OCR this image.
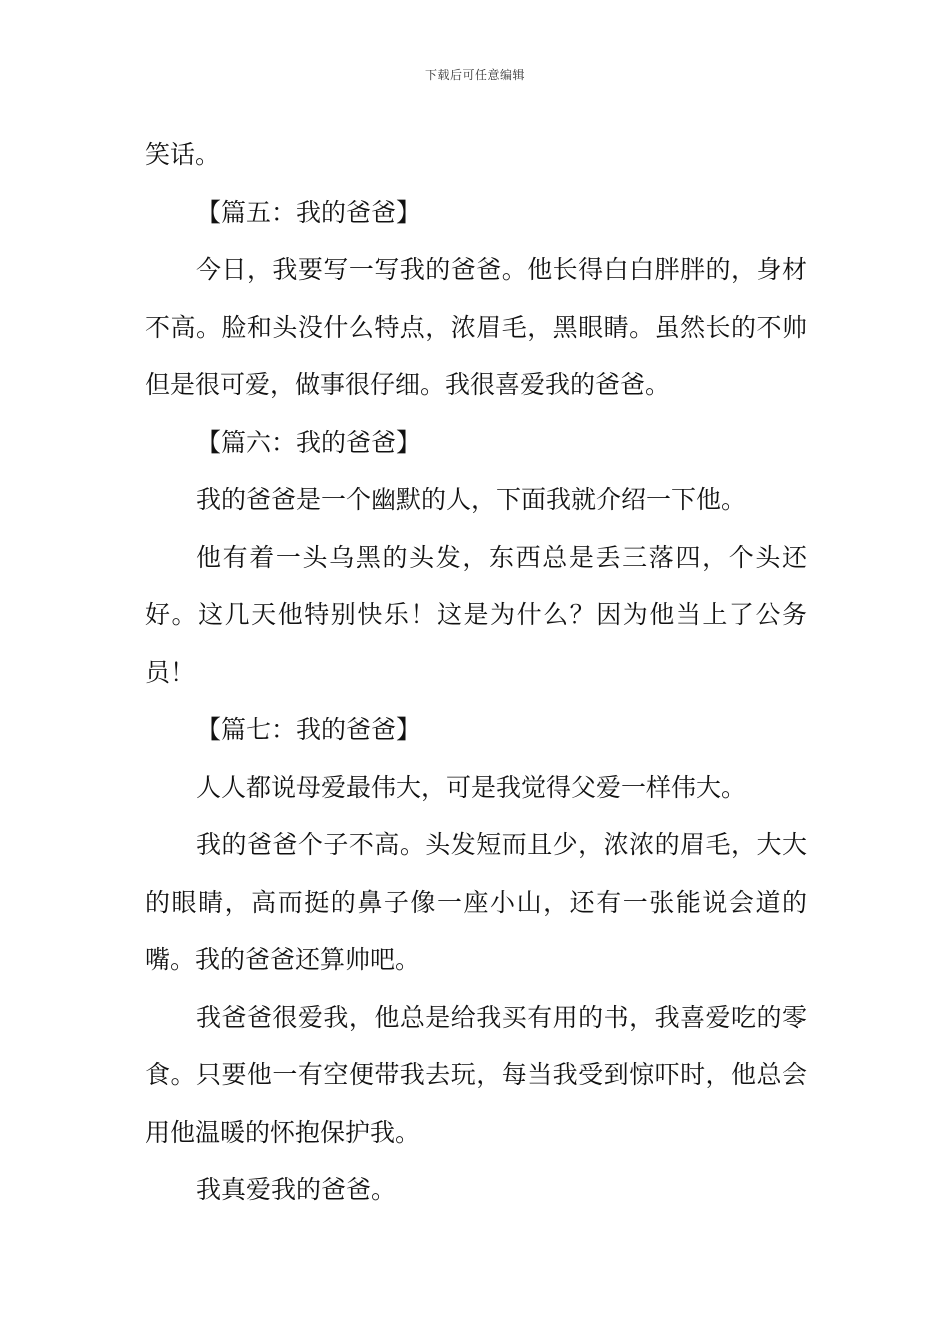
下载后可任意编辑

笑话。

【篇五：我的爸爸】

今日，我要写一写我的爸爸。他长得白白胖胖的，身材不高。脸和头没什么特点，浓眉毛，黑眼睛。虽然长的不帅但是很可爱，做事很仔细。我很喜爱我的爸爸。

【篇六：我的爸爸】

我的爸爸是一个幽默的人，下面我就介绍一下他。

他有着一头乌黑的头发，东西总是丢三落四，个头还好。这几天他特别快乐！这是为什么？因为他当上了公务员！

【篇七：我的爸爸】

人人都说母爱最伟大，可是我觉得父爱一样伟大。

我的爸爸个子不高。头发短而且少，浓浓的眉毛，大大的眼睛，高而挺的鼻子像一座小山，还有一张能说会道的嘴。我的爸爸还算帅吧。

我爸爸很爱我，他总是给我买有用的书，我喜爱吃的零食。只要他一有空便带我去玩，每当我受到惊吓时，他总会用他温暖的怀抱保护我。

我真爱我的爸爸。
